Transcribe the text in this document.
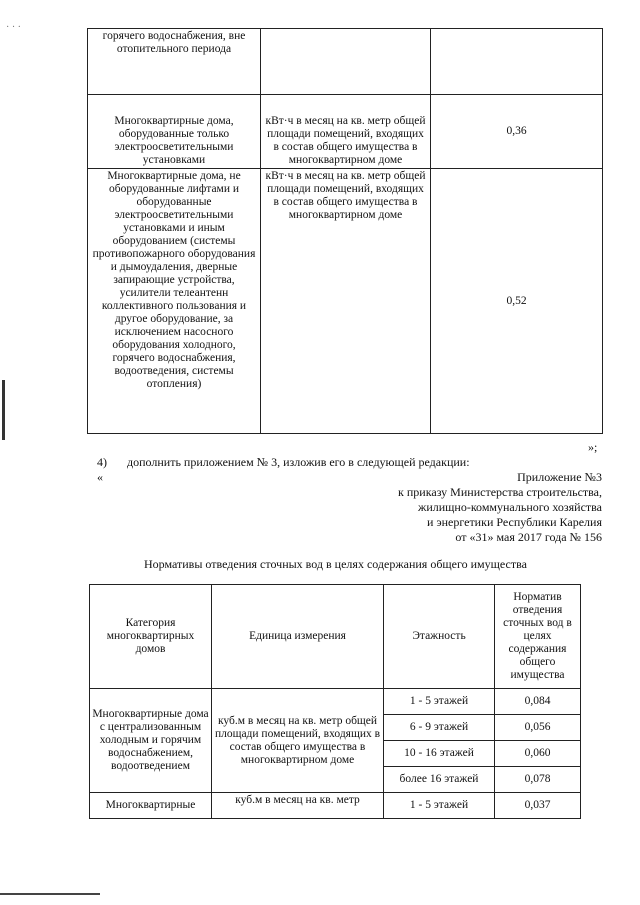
· · ·
горячего водоснабжения, вне отопительного периода		
Многоквартирные дома, оборудованные только электроосветительными установками	кВт·ч в месяц на кв. метр общей площади помещений, входящих в состав общего имущества в многоквартирном доме	0,36
Многоквартирные дома, не оборудованные лифтами и оборудованные электроосветительными установками и иным оборудованием (системы противопожарного оборудования и дымоудаления, дверные запирающие устройства, усилители телеантенн коллективного пользования и другое оборудование, за исключением насосного оборудования холодного, горячего водоснабжения, водоотведения, системы отопления)	кВт·ч в месяц на кв. метр общей площади помещений, входящих в состав общего имущества в многоквартирном доме	0,52
»;
4) дополнить приложением № 3, изложив его в следующей редакции:
«	Приложение №3
к приказу Министерства строительства,
жилищно-коммунального хозяйства
и энергетики Республики Карелия
от «31» мая 2017 года № 156
Нормативы отведения сточных вод в целях содержания общего имущества
Категория многоквартирных домов	Единица измерения	Этажность	Норматив отведения сточных вод в целях содержания общего имущества
Многоквартирные дома с централизованным холодным и горячим водоснабжением, водоотведением	куб.м в месяц на кв. метр общей площади помещений, входящих в состав общего имущества в многоквартирном доме	1 - 5 этажей	0,084
		6 - 9 этажей	0,056
		10 - 16 этажей	0,060
		более 16 этажей	0,078
Многоквартирные	куб.м в месяц на кв. метр	1 - 5 этажей	0,037
